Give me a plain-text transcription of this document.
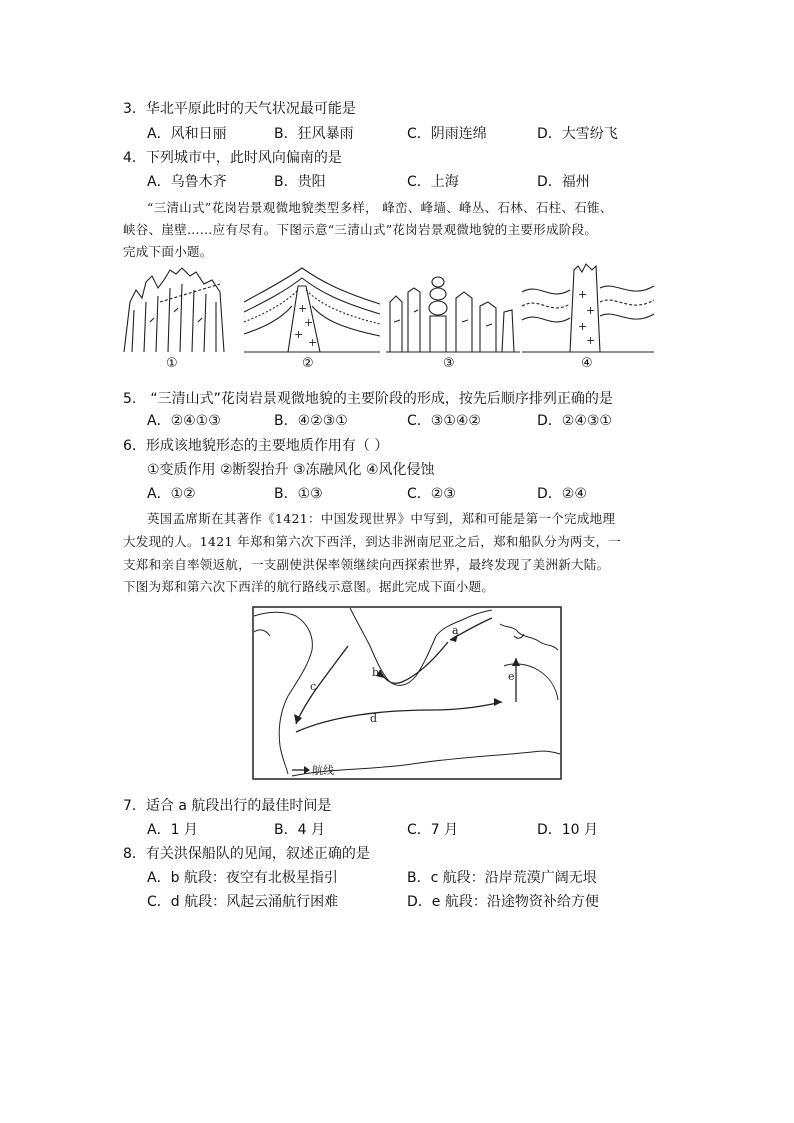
3．华北平原此时的天气状况最可能是
A．风和日丽	B．狂风暴雨	C．阴雨连绵	D．大雪纷飞
4．下列城市中，此时风向偏南的是
A．乌鲁木齐	B．贵阳	C．上海	D．福州
“三清山式”花岗岩景观微地貌类型多样， 峰峦、峰墙、峰丛、石林、石柱、石锥、
峡谷、崖壁……应有尽有。下图示意“三清山式”花岗岩景观微地貌的主要形成阶段。
完成下面小题。
+
+
+
+
+
+
+
+
①	②	③	④
5． “三清山式”花岗岩景观微地貌的主要阶段的形成，按先后顺序排列正确的是
A．②④①③	B．④②③①	C．③①④②	D．②④③①
6．形成该地貌形态的主要地质作用有（ ）
①变质作用 ②断裂抬升 ③冻融风化 ④风化侵蚀
A．①②	B．①③	C．②③	D．②④
英国孟席斯在其著作《1421：中国发现世界》中写到，郑和可能是第一个完成地理
大发现的人。1421 年郑和第六次下西洋，到达非洲南尼亚之后，郑和船队分为两支，一
支郑和亲自率领返航，一支副使洪保率领继续向西探索世界，最终发现了美洲新大陆。
下图为郑和第六次下西洋的航行路线示意图。据此完成下面小题。
a
b
c
d
e
航线
7．适合 a 航段出行的最佳时间是
A．1 月	B．4 月	C．7 月	D．10 月
8．有关洪保船队的见闻，叙述正确的是
A．b 航段：夜空有北极星指引	B．c 航段：沿岸荒漠广阔无垠
C．d 航段：风起云涌航行困难	D．e 航段：沿途物资补给方便
